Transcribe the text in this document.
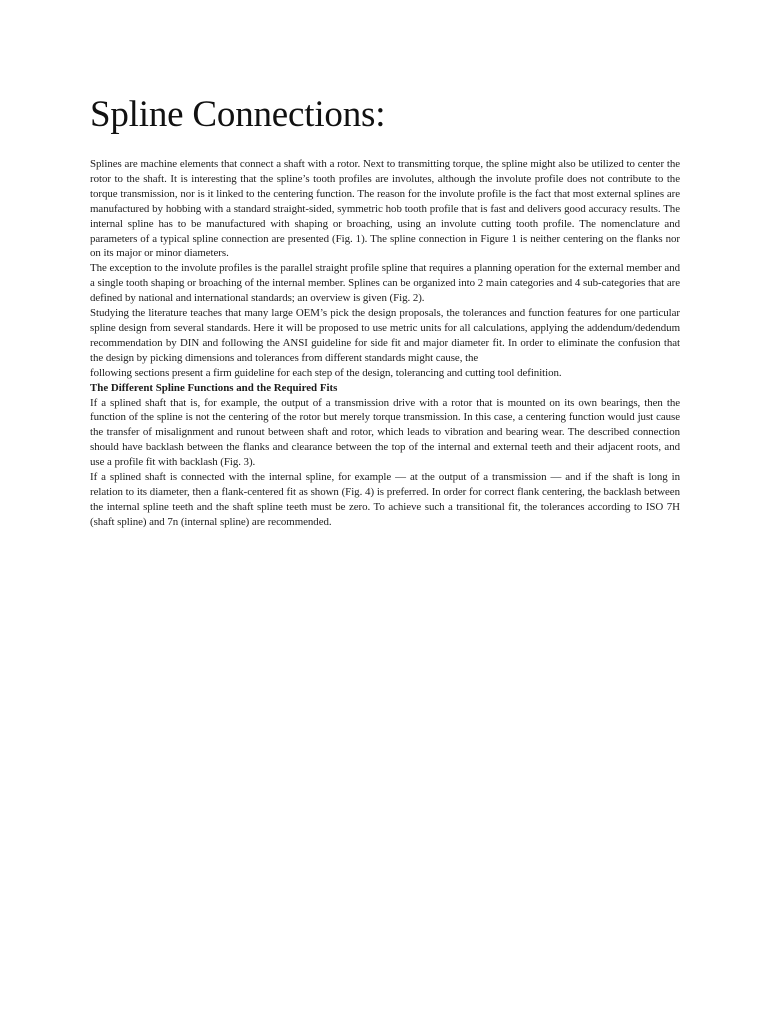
Spline Connections:

Splines are machine elements that connect a shaft with a rotor. Next to transmitting torque, the spline might also be utilized to center the rotor to the shaft. It is interesting that the spline’s tooth profiles are involutes, although the involute profile does not contribute to the torque transmission, nor is it linked to the centering function. The reason for the involute profile is the fact that most external splines are manufactured by hobbing with a standard straight-sided, symmetric hob tooth profile that is fast and delivers good accuracy results. The internal spline has to be manufactured with shaping or broaching, using an involute cutting tooth profile. The nomenclature and parameters of a typical spline connection are presented (Fig. 1). The spline connection in Figure 1 is neither centering on the flanks nor on its major or minor diameters.

The exception to the involute profiles is the parallel straight profile spline that requires a planning operation for the external member and a single tooth shaping or broaching of the internal member. Splines can be organized into 2 main categories and 4 sub-categories that are defined by national and international standards; an overview is given (Fig. 2).

Studying the literature teaches that many large OEM’s pick the design proposals, the tolerances and function features for one particular spline design from several standards. Here it will be proposed to use metric units for all calculations, applying the addendum/dedendum recommendation by DIN and following the ANSI guideline for side fit and major diameter fit. In order to eliminate the confusion that the design by picking dimensions and tolerances from different standards might cause, the

following sections present a firm guideline for each step of the design, tolerancing and cutting tool definition.

The Different Spline Functions and the Required Fits

If a splined shaft that is, for example, the output of a transmission drive with a rotor that is mounted on its own bearings, then the function of the spline is not the centering of the rotor but merely torque transmission. In this case, a centering function would just cause the transfer of misalignment and runout between shaft and rotor, which leads to vibration and bearing wear. The described connection should have backlash between the flanks and clearance between the top of the internal and external teeth and their adjacent roots, and use a profile fit with backlash (Fig. 3).

If a splined shaft is connected with the internal spline, for example — at the output of a transmission — and if the shaft is long in relation to its diameter, then a flank-centered fit as shown (Fig. 4) is preferred. In order for correct flank centering, the backlash between the internal spline teeth and the shaft spline teeth must be zero. To achieve such a transitional fit, the tolerances according to ISO 7H (shaft spline) and 7n (internal spline) are recommended.
